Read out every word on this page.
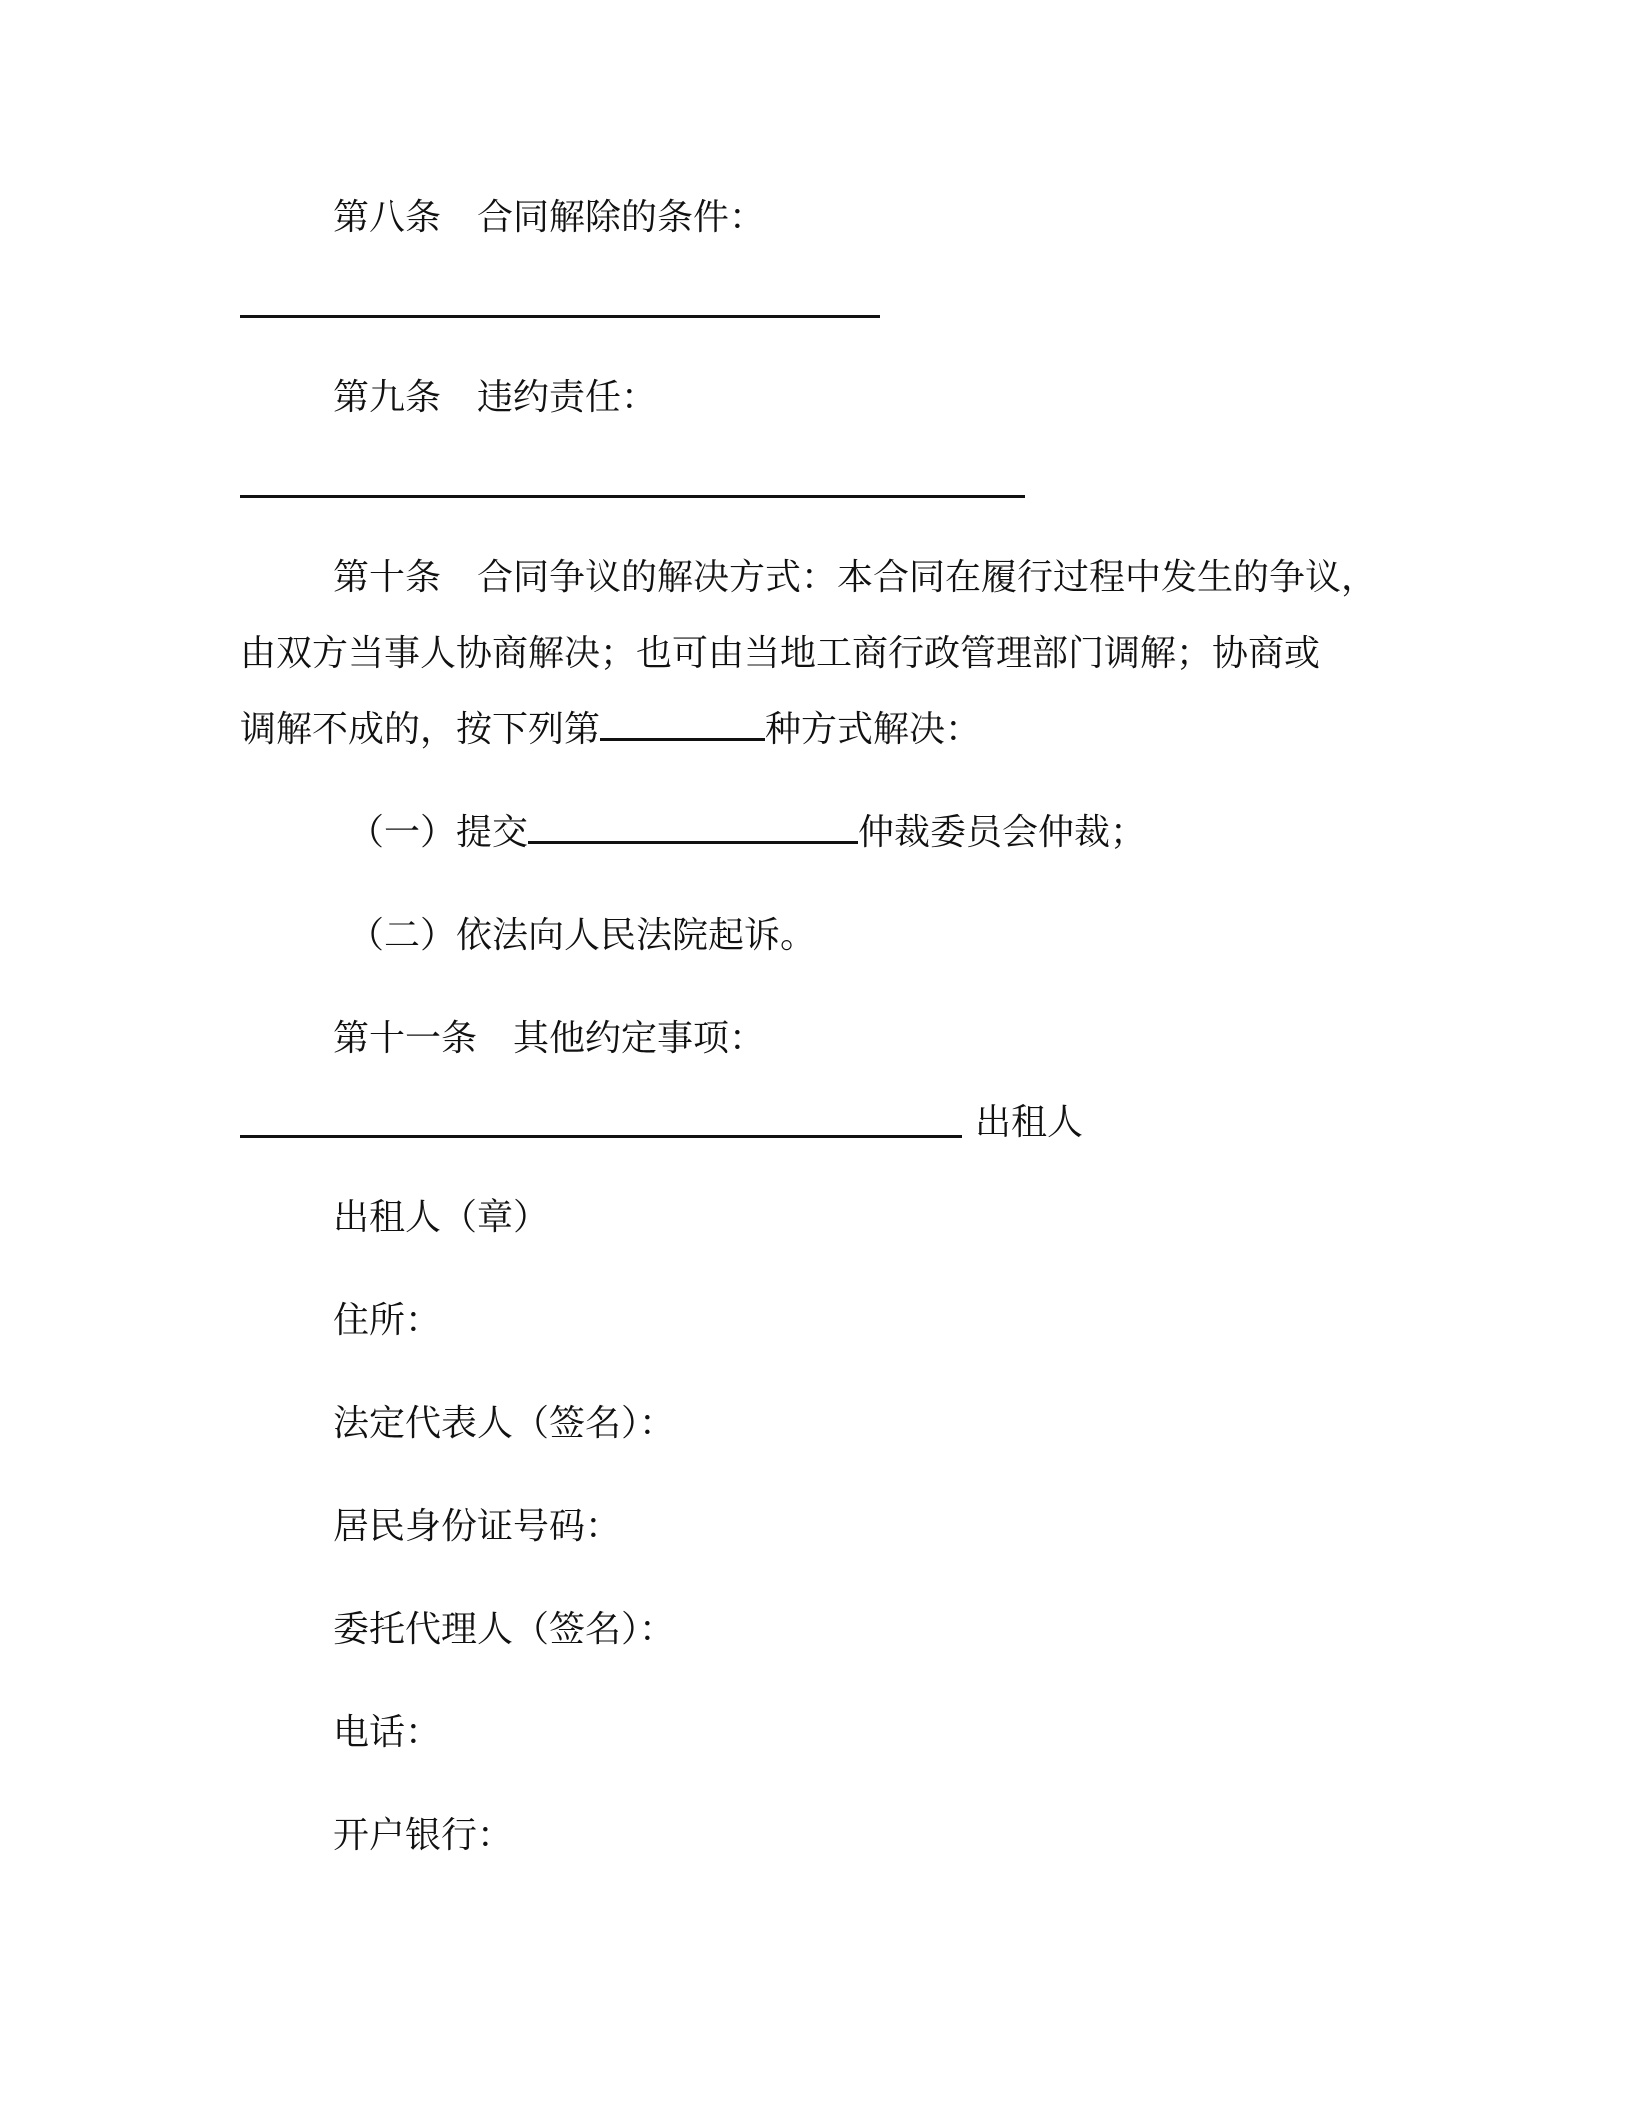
第八条 合同解除的条件：
第九条 违约责任：
第十条 合同争议的解决方式：本合同在履行过程中发生的争议，
由双方当事人协商解决；也可由当地工商行政管理部门调解；协商或
调解不成的，按下列第	种方式解决：
（一）提交	仲裁委员会仲裁；
（二）依法向人民法院起诉。
第十一条 其他约定事项：
出租人
出租人（章）
住所：
法定代表人（签名）：
居民身份证号码：
委托代理人（签名）：
电话：
开户银行：
